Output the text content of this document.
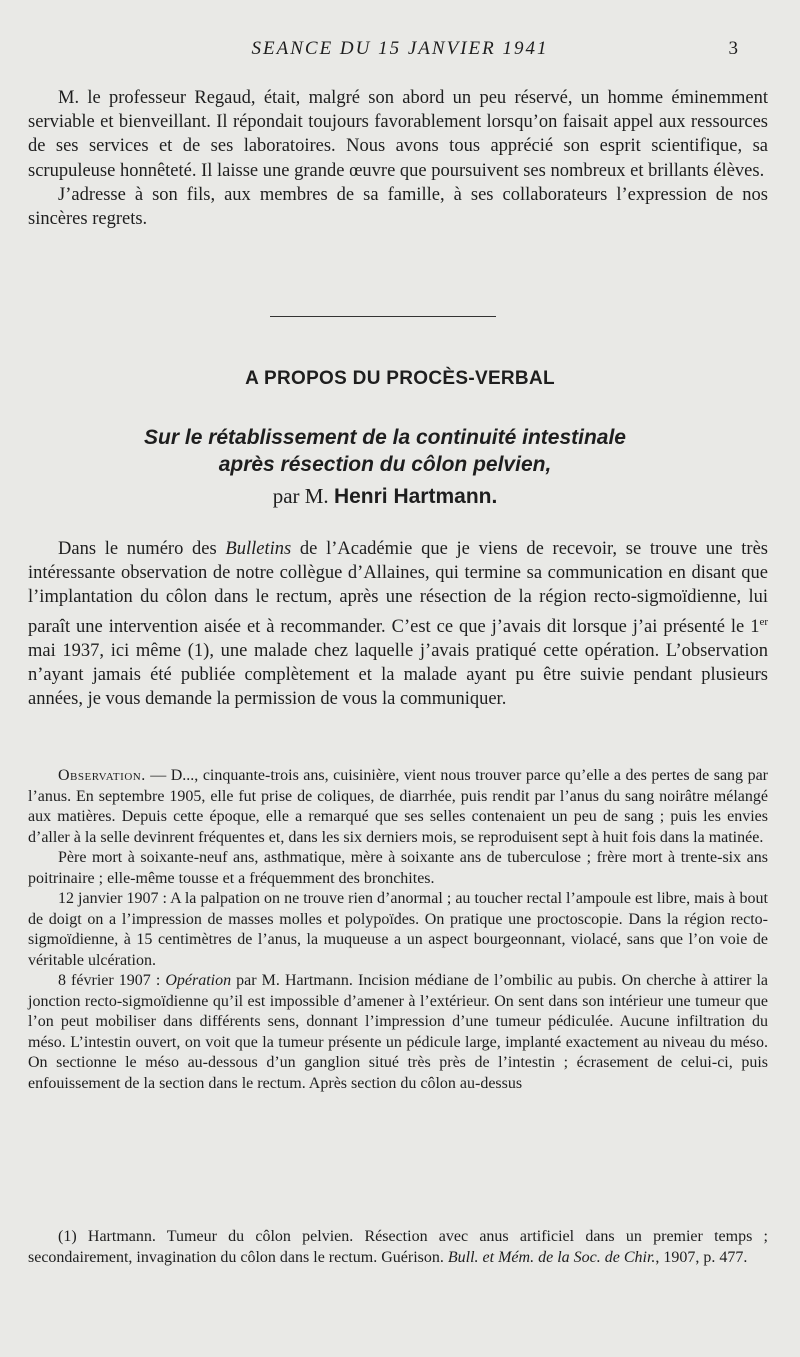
SEANCE DU 15 JANVIER 1941	3

M. le professeur Regaud, était, malgré son abord un peu réservé, un homme éminemment serviable et bienveillant. Il répondait toujours favorablement lorsqu’on faisait appel aux ressources de ses services et de ses laboratoires. Nous avons tous apprécié son esprit scientifique, sa scrupuleuse honnêteté. Il laisse une grande œuvre que poursuivent ses nombreux et brillants élèves.

J’adresse à son fils, aux membres de sa famille, à ses collaborateurs l’expression de nos sincères regrets.

A PROPOS DU PROCÈS-VERBAL
Sur le rétablissement de la continuité intestinale
après résection du côlon pelvien,
par M. Henri Hartmann.

Dans le numéro des Bulletins de l’Académie que je viens de recevoir, se trouve une très intéressante observation de notre collègue d’Allaines, qui termine sa communication en disant que l’implantation du côlon dans le rectum, après une résection de la région recto-sigmoïdienne, lui paraît une intervention aisée et à recommander. C’est ce que j’avais dit lorsque j’ai présenté le 1er mai 1937, ici même (1), une malade chez laquelle j’avais pratiqué cette opération. L’observation n’ayant jamais été publiée complètement et la malade ayant pu être suivie pendant plusieurs années, je vous demande la permission de vous la communiquer.

Observation. — D..., cinquante-trois ans, cuisinière, vient nous trouver parce qu’elle a des pertes de sang par l’anus. En septembre 1905, elle fut prise de coliques, de diarrhée, puis rendit par l’anus du sang noirâtre mélangé aux matières. Depuis cette époque, elle a remarqué que ses selles contenaient un peu de sang ; puis les envies d’aller à la selle devinrent fréquentes et, dans les six derniers mois, se reproduisent sept à huit fois dans la matinée.

Père mort à soixante-neuf ans, asthmatique, mère à soixante ans de tuberculose ; frère mort à trente-six ans poitrinaire ; elle-même tousse et a fréquemment des bronchites.

12 janvier 1907 : A la palpation on ne trouve rien d’anormal ; au toucher rectal l’ampoule est libre, mais à bout de doigt on a l’impression de masses molles et polypoïdes. On pratique une proctoscopie. Dans la région recto-sigmoïdienne, à 15 centimètres de l’anus, la muqueuse a un aspect bourgeonnant, violacé, sans que l’on voie de véritable ulcération.

8 février 1907 : Opération par M. Hartmann. Incision médiane de l’ombilic au pubis. On cherche à attirer la jonction recto-sigmoïdienne qu’il est impossible d’amener à l’extérieur. On sent dans son intérieur une tumeur que l’on peut mobiliser dans différents sens, donnant l’impression d’une tumeur pédiculée. Aucune infiltration du méso. L’intestin ouvert, on voit que la tumeur présente un pédicule large, implanté exactement au niveau du méso. On sectionne le méso au-dessous d’un ganglion situé très près de l’intestin ; écrasement de celui-ci, puis enfouissement de la section dans le rectum. Après section du côlon au-dessus

(1) Hartmann. Tumeur du côlon pelvien. Résection avec anus artificiel dans un premier temps ; secondairement, invagination du côlon dans le rectum. Guérison. Bull. et Mém. de la Soc. de Chir., 1907, p. 477.
